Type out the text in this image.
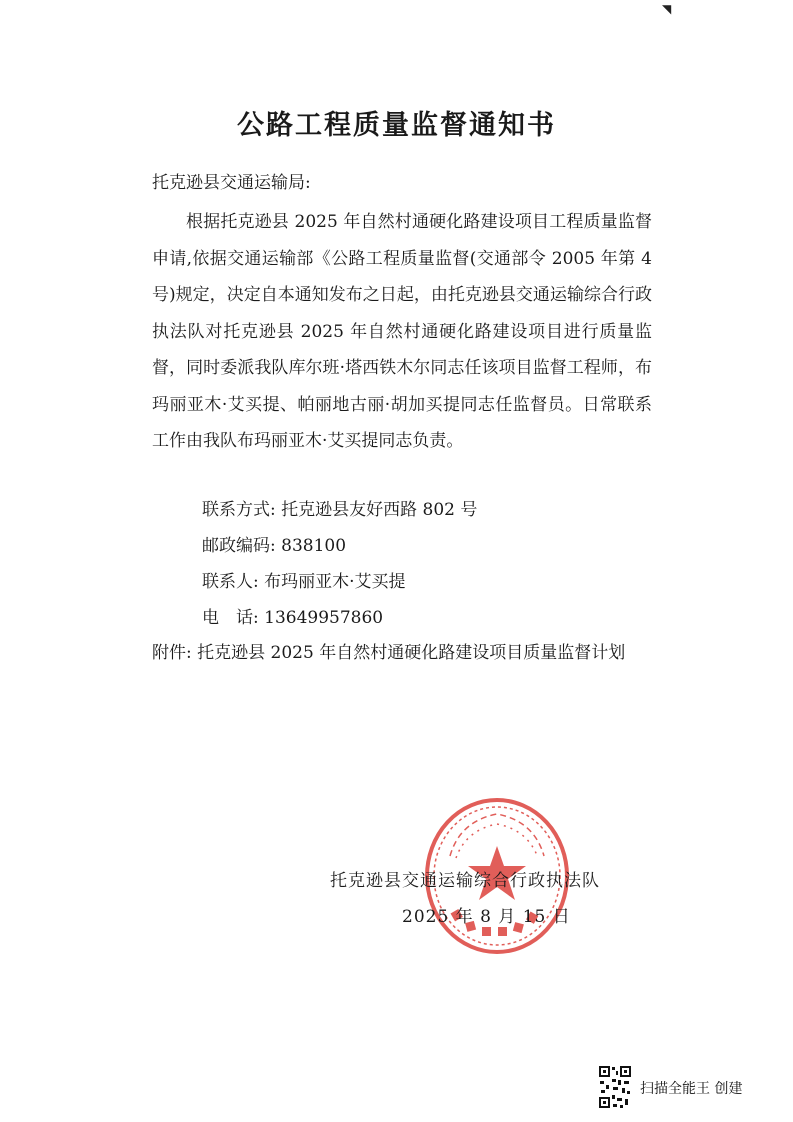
◥
公路工程质量监督通知书
托克逊县交通运输局:
根据托克逊县 2025 年自然村通硬化路建设项目工程质量监督申请,依据交通运输部《公路工程质量监督(交通部令 2005 年第 4 号)规定，决定自本通知发布之日起，由托克逊县交通运输综合行政执法队对托克逊县 2025 年自然村通硬化路建设项目进行质量监督，同时委派我队库尔班·塔西铁木尔同志任该项目监督工程师，布玛丽亚木·艾买提、帕丽地古丽·胡加买提同志任监督员。日常联系工作由我队布玛丽亚木·艾买提同志负责。
联系方式: 托克逊县友好西路 802 号
邮政编码: 838100
联系人: 布玛丽亚木·艾买提
电　话: 13649957860
附件: 托克逊县 2025 年自然村通硬化路建设项目质量监督计划
托克逊县交通运输综合行政执法队
2025 年 8 月 15 日
扫描全能王 创建
